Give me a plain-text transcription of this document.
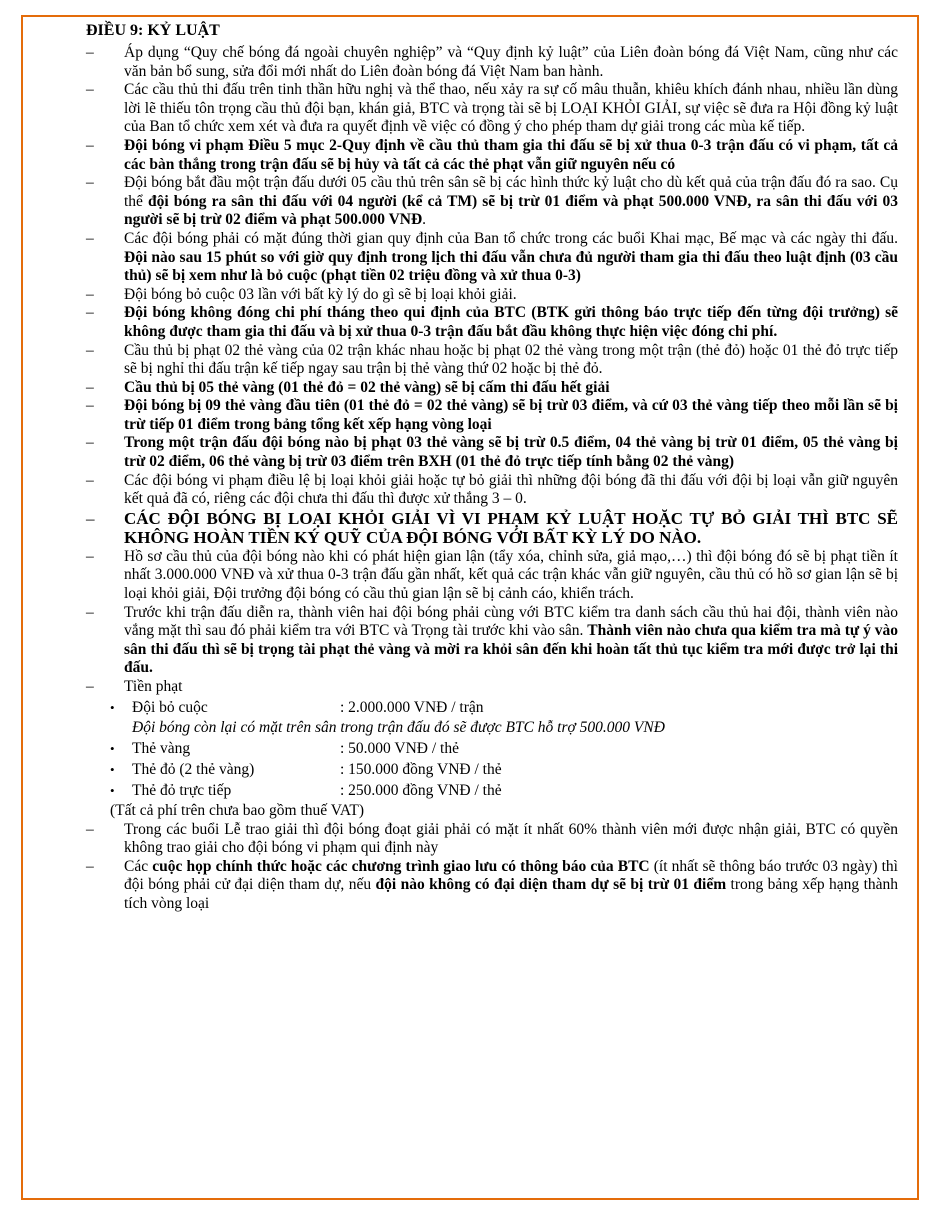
ĐIỀU 9: KỶ LUẬT
– Áp dụng “Quy chế bóng đá ngoài chuyên nghiệp” và “Quy định kỷ luật” của Liên đoàn bóng đá Việt Nam, cũng như các văn bản bổ sung, sửa đổi mới nhất do Liên đoàn bóng đá Việt Nam ban hành.
– Các cầu thủ thi đấu trên tinh thần hữu nghị và thể thao, nếu xảy ra sự cố mâu thuẫn, khiêu khích đánh nhau, nhiều lần dùng lời lẽ thiếu tôn trọng cầu thủ đội bạn, khán giả, BTC và trọng tài sẽ bị LOẠI KHỎI GIẢI, sự việc sẽ đưa ra Hội đồng kỷ luật của Ban tổ chức xem xét và đưa ra quyết định về việc có đồng ý cho phép tham dự giải trong các mùa kế tiếp.
– Đội bóng vi phạm Điều 5 mục 2-Quy định về cầu thủ tham gia thi đấu sẽ bị xử thua 0-3 trận đấu có vi phạm, tất cả các bàn thắng trong trận đấu sẽ bị hủy và tất cả các thẻ phạt vẫn giữ nguyên nếu có
– Đội bóng bắt đầu một trận đấu dưới 05 cầu thủ trên sân sẽ bị các hình thức kỷ luật cho dù kết quả của trận đấu đó ra sao. Cụ thể đội bóng ra sân thi đấu với 04 người (kể cả TM) sẽ bị trừ 01 điểm và phạt 500.000 VNĐ, ra sân thi đấu với 03 người sẽ bị trừ 02 điểm và phạt 500.000 VNĐ.
– Các đội bóng phải có mặt đúng thời gian quy định của Ban tổ chức trong các buổi Khai mạc, Bế mạc và các ngày thi đấu. Đội nào sau 15 phút so với giờ quy định trong lịch thi đấu vẫn chưa đủ người tham gia thi đấu theo luật định (03 cầu thủ) sẽ bị xem như là bỏ cuộc (phạt tiền 02 triệu đồng và xử thua 0-3)
– Đội bóng bỏ cuộc 03 lần với bất kỳ lý do gì sẽ bị loại khỏi giải.
– Đội bóng không đóng chi phí tháng theo qui định của BTC (BTK gửi thông báo trực tiếp đến từng đội trưởng) sẽ không được tham gia thi đấu và bị xử thua 0-3 trận đấu bắt đầu không thực hiện việc đóng chi phí.
– Cầu thủ bị phạt 02 thẻ vàng của 02 trận khác nhau hoặc bị phạt 02 thẻ vàng trong một trận (thẻ đỏ) hoặc 01 thẻ đỏ trực tiếp sẽ bị nghỉ thi đấu trận kế tiếp ngay sau trận bị thẻ vàng thứ 02 hoặc bị thẻ đỏ.
– Cầu thủ bị 05 thẻ vàng (01 thẻ đỏ = 02 thẻ vàng) sẽ bị cấm thi đấu hết giải
– Đội bóng bị 09 thẻ vàng đầu tiên (01 thẻ đỏ = 02 thẻ vàng) sẽ bị trừ 03 điểm, và cứ 03 thẻ vàng tiếp theo mỗi lần sẽ bị trừ tiếp 01 điểm trong bảng tổng kết xếp hạng vòng loại
– Trong một trận đấu đội bóng nào bị phạt 03 thẻ vàng sẽ bị trừ 0.5 điểm, 04 thẻ vàng bị trừ 01 điểm, 05 thẻ vàng bị trừ 02 điểm, 06 thẻ vàng bị trừ 03 điểm trên BXH (01 thẻ đỏ trực tiếp tính bằng 02 thẻ vàng)
– Các đội bóng vi phạm điều lệ bị loại khỏi giải hoặc tự bỏ giải thì những đội bóng đã thi đấu với đội bị loại vẫn giữ nguyên kết quả đã có, riêng các đội chưa thi đấu thì được xử thắng 3 – 0.
– CÁC ĐỘI BÓNG BỊ LOẠI KHỎI GIẢI VÌ VI PHẠM KỶ LUẬT HOẶC TỰ BỎ GIẢI THÌ BTC SẼ KHÔNG HOÀN TIỀN KÝ QUỸ CỦA ĐỘI BÓNG VỚI BẤT KỲ LÝ DO NÀO.
– Hồ sơ cầu thủ của đội bóng nào khi có phát hiện gian lận (tẩy xóa, chỉnh sửa, giả mạo,…) thì đội bóng đó sẽ bị phạt tiền ít nhất 3.000.000 VNĐ và xử thua 0-3 trận đấu gần nhất, kết quả các trận khác vẫn giữ nguyên, cầu thủ có hồ sơ gian lận sẽ bị loại khỏi giải, Đội trưởng đội bóng có cầu thủ gian lận sẽ bị cảnh cáo, khiển trách.
– Trước khi trận đấu diễn ra, thành viên hai đội bóng phải cùng với BTC kiểm tra danh sách cầu thủ hai đội, thành viên nào vắng mặt thì sau đó phải kiểm tra với BTC và Trọng tài trước khi vào sân. Thành viên nào chưa qua kiểm tra mà tự ý vào sân thi đấu thì sẽ bị trọng tài phạt thẻ vàng và mời ra khỏi sân đến khi hoàn tất thủ tục kiểm tra mới được trở lại thi đấu.
– Tiền phạt
• Đội bỏ cuộc	: 2.000.000 VNĐ / trận
Đội bóng còn lại có mặt trên sân trong trận đấu đó sẽ được BTC hỗ trợ 500.000 VNĐ
• Thẻ vàng	: 50.000 VNĐ / thẻ
• Thẻ đỏ (2 thẻ vàng)	: 150.000 đồng VNĐ / thẻ
• Thẻ đỏ trực tiếp	: 250.000 đồng VNĐ / thẻ
(Tất cả phí trên chưa bao gồm thuế VAT)
– Trong các buổi Lễ trao giải thì đội bóng đoạt giải phải có mặt ít nhất 60% thành viên mới được nhận giải, BTC có quyền không trao giải cho đội bóng vi phạm qui định này
– Các cuộc họp chính thức hoặc các chương trình giao lưu có thông báo của BTC (ít nhất sẽ thông báo trước 03 ngày) thì đội bóng phải cử đại diện tham dự, nếu đội nào không có đại diện tham dự sẽ bị trừ 01 điểm trong bảng xếp hạng thành tích vòng loại
